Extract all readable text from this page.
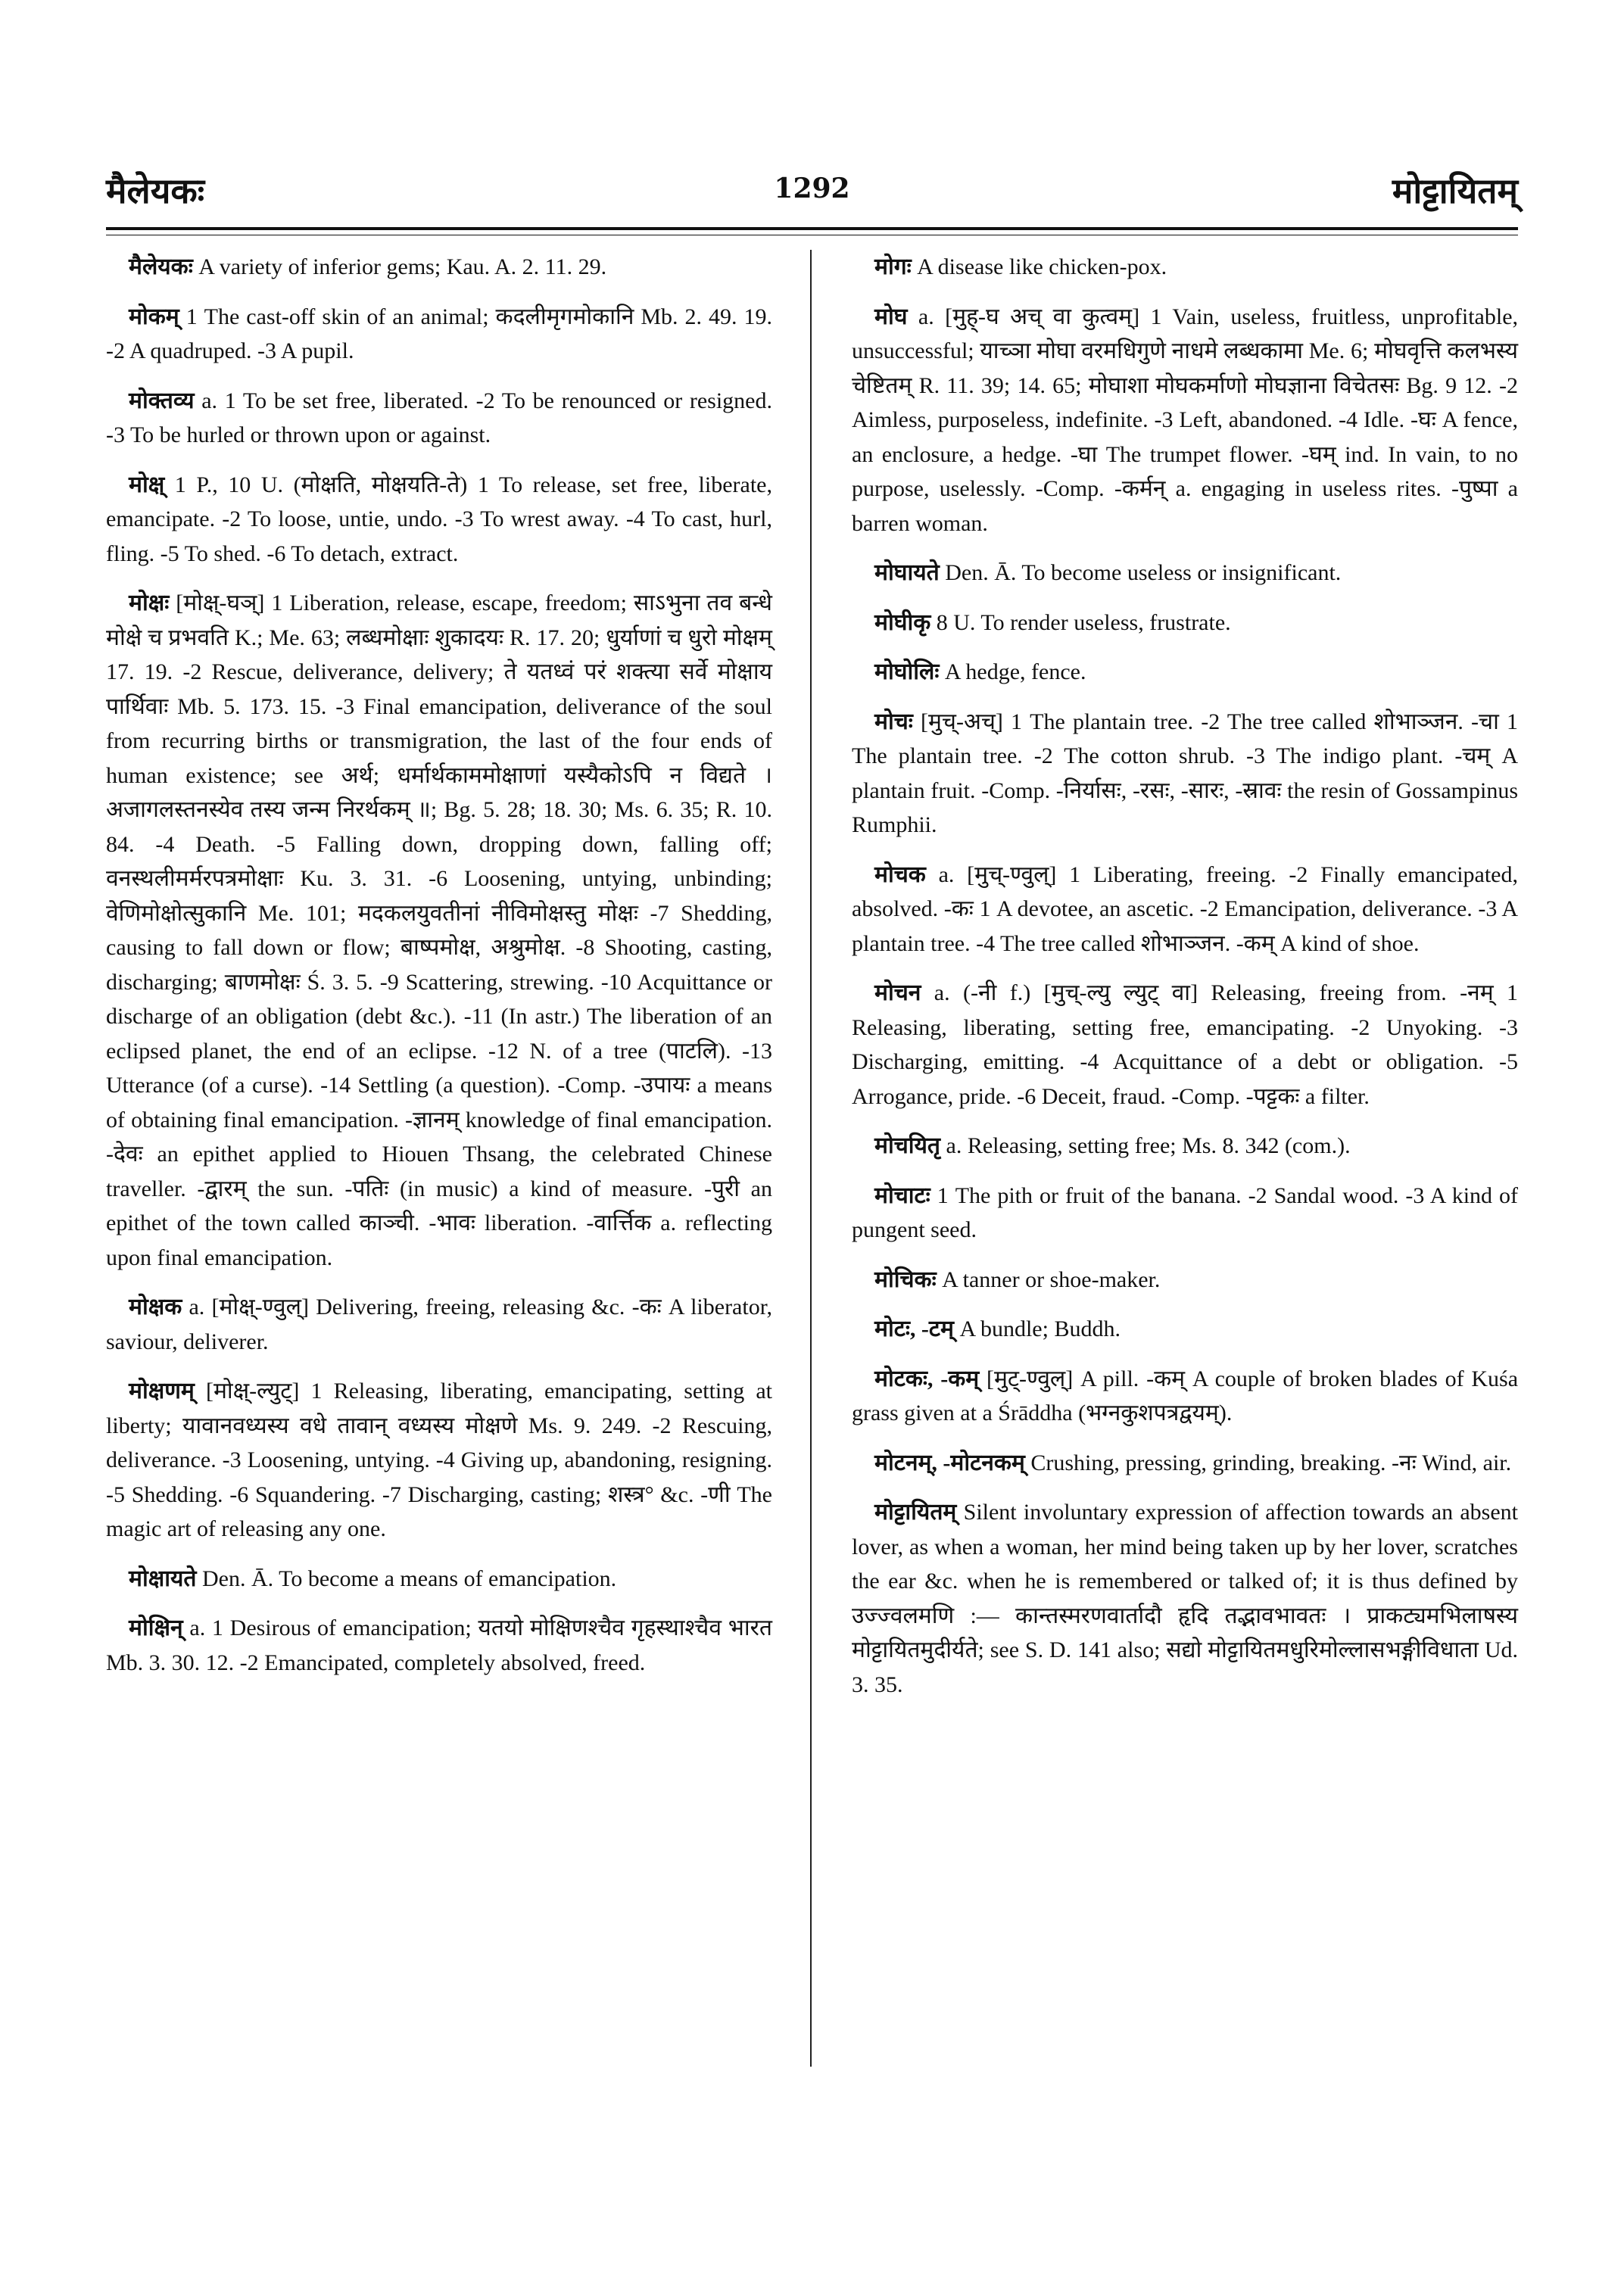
मैलेयकः	1292	मोट्टायितम्

मैलेयकः A variety of inferior gems; Kau. A. 2. 11. 29.

मोकम् 1 The cast-off skin of an animal; कदलीमृगमोकानि Mb. 2. 49. 19. -2 A quadruped. -3 A pupil.

मोक्तव्य a. 1 To be set free, liberated. -2 To be renounced or resigned. -3 To be hurled or thrown upon or against.

मोक्ष् 1 P., 10 U. (मोक्षति, मोक्षयति-ते) 1 To release, set free, liberate, emancipate. -2 To loose, untie, undo. -3 To wrest away. -4 To cast, hurl, fling. -5 To shed. -6 To detach, extract.

मोक्षः [मोक्ष्-घञ्] 1 Liberation, release, escape, freedom; साऽभुना तव बन्धे मोक्षे च प्रभवति K.; Me. 63; लब्धमोक्षाः शुकादयः R. 17. 20; धुर्याणां च धुरो मोक्षम् 17. 19. -2 Rescue, deliverance, delivery; ते यतध्वं परं शक्त्या सर्वे मोक्षाय पार्थिवाः Mb. 5. 173. 15. -3 Final emancipation, deliverance of the soul from recurring births or transmigration, the last of the four ends of human existence; see अर्थ; धर्मार्थकाममोक्षाणां यस्यैकोऽपि न विद्यते । अजागलस्तनस्येव तस्य जन्म निरर्थकम् ॥; Bg. 5. 28; 18. 30; Ms. 6. 35; R. 10. 84. -4 Death. -5 Falling down, dropping down, falling off; वनस्थलीमर्मरपत्रमोक्षाः Ku. 3. 31. -6 Loosening, untying, unbinding; वेणिमोक्षोत्सुकानि Me. 101; मदकलयुवतीनां नीविमोक्षस्तु मोक्षः -7 Shedding, causing to fall down or flow; बाष्पमोक्ष, अश्रुमोक्ष. -8 Shooting, casting, discharging; बाणमोक्षः Ś. 3. 5. -9 Scattering, strewing. -10 Acquittance or discharge of an obligation (debt &c.). -11 (In astr.) The liberation of an eclipsed planet, the end of an eclipse. -12 N. of a tree (पाटलि). -13 Utterance (of a curse). -14 Settling (a question). -Comp. -उपायः a means of obtaining final emancipation. -ज्ञानम् knowledge of final emancipation. -देवः an epithet applied to Hiouen Thsang, the celebrated Chinese traveller. -द्वारम् the sun. -पतिः (in music) a kind of measure. -पुरी an epithet of the town called काञ्ची. -भावः liberation. -वार्त्तिक a. reflecting upon final emancipation.

मोक्षक a. [मोक्ष्-ण्वुल्] Delivering, freeing, releasing &c. -कः A liberator, saviour, deliverer.

मोक्षणम् [मोक्ष्-ल्युट्] 1 Releasing, liberating, emancipating, setting at liberty; यावानवध्यस्य वधे तावान् वध्यस्य मोक्षणे Ms. 9. 249. -2 Rescuing, deliverance. -3 Loosening, untying. -4 Giving up, abandoning, resigning. -5 Shedding. -6 Squandering. -7 Discharging, casting; शस्त्र° &c. -णी The magic art of releasing any one.

मोक्षायते Den. Ā. To become a means of emancipation.

मोक्षिन् a. 1 Desirous of emancipation; यतयो मोक्षिणश्चैव गृहस्थाश्चैव भारत Mb. 3. 30. 12. -2 Emancipated, completely absolved, freed.

मोगः A disease like chicken-pox.

मोघ a. [मुह्-घ अच् वा कुत्वम्] 1 Vain, useless, fruitless, unprofitable, unsuccessful; याच्ञा मोघा वरमधिगुणे नाधमे लब्धकामा Me. 6; मोघवृत्ति कलभस्य चेष्टितम् R. 11. 39; 14. 65; मोघाशा मोघकर्माणो मोघज्ञाना विचेतसः Bg. 9 12. -2 Aimless, purposeless, indefinite. -3 Left, abandoned. -4 Idle. -घः A fence, an enclosure, a hedge. -घा The trumpet flower. -घम् ind. In vain, to no purpose, uselessly. -Comp. -कर्मन् a. engaging in useless rites. -पुष्पा a barren woman.

मोघायते Den. Ā. To become useless or insignificant.

मोघीकृ 8 U. To render useless, frustrate.

मोघोलिः A hedge, fence.

मोचः [मुच्-अच्] 1 The plantain tree. -2 The tree called शोभाञ्जन. -चा 1 The plantain tree. -2 The cotton shrub. -3 The indigo plant. -चम् A plantain fruit. -Comp. -निर्यासः, -रसः, -सारः, -स्रावः the resin of Gossampinus Rumphii.

मोचक a. [मुच्-ण्वुल्] 1 Liberating, freeing. -2 Finally emancipated, absolved. -कः 1 A devotee, an ascetic. -2 Emancipation, deliverance. -3 A plantain tree. -4 The tree called शोभाञ्जन. -कम् A kind of shoe.

मोचन a. (-नी f.) [मुच्-ल्यु ल्युट् वा] Releasing, freeing from. -नम् 1 Releasing, liberating, setting free, emancipating. -2 Unyoking. -3 Discharging, emitting. -4 Acquittance of a debt or obligation. -5 Arrogance, pride. -6 Deceit, fraud. -Comp. -पट्टकः a filter.

मोचयितृ a. Releasing, setting free; Ms. 8. 342 (com.).

मोचाटः 1 The pith or fruit of the banana. -2 Sandal wood. -3 A kind of pungent seed.

मोचिकः A tanner or shoe-maker.

मोटः, -टम् A bundle; Buddh.

मोटकः, -कम् [मुट्-ण्वुल्] A pill. -कम् A couple of broken blades of Kuśa grass given at a Śrāddha (भग्नकुशपत्रद्वयम्).

मोटनम्, -मोटनकम् Crushing, pressing, grinding, breaking. -नः Wind, air.

मोट्टायितम् Silent involuntary expression of affection towards an absent lover, as when a woman, her mind being taken up by her lover, scratches the ear &c. when he is remembered or talked of; it is thus defined by उज्ज्वलमणि :— कान्तस्मरणवार्तादौ हृदि तद्भावभावतः । प्राकट्यमभिलाषस्य मोट्टायितमुदीर्यते; see S. D. 141 also; सद्यो मोट्टायितमधुरिमोल्लासभङ्गीविधाता Ud. 3. 35.
